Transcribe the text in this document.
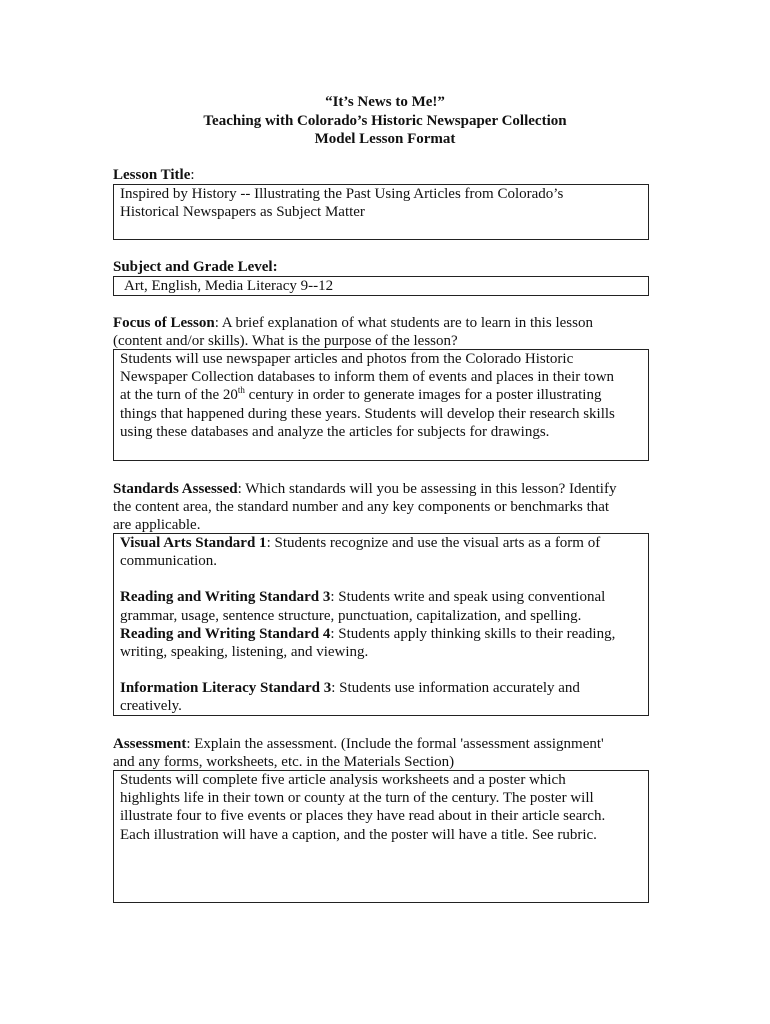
“It’s News to Me!”
Teaching with Colorado’s Historic Newspaper Collection
Model Lesson Format
Lesson Title:

Inspired by History -- Illustrating the Past Using Articles from Colorado’s

Historical Newspapers as Subject Matter

Subject and Grade Level:

Art, English, Media Literacy 9--12

Focus of Lesson: A brief explanation of what students are to learn in this lesson
(content and/or skills). What is the purpose of the lesson?

Students will use newspaper articles and photos from the Colorado Historic

Newspaper Collection databases to inform them of events and places in their town

at the turn of the 20th century in order to generate images for a poster illustrating

things that happened during these years. Students will develop their research skills

using these databases and analyze the articles for subjects for drawings.

Standards Assessed: Which standards will you be assessing in this lesson? Identify
the content area, the standard number and any key components or benchmarks that
are applicable.

Visual Arts Standard 1: Students recognize and use the visual arts as a form of

communication.

Reading and Writing Standard 3: Students write and speak using conventional

grammar, usage, sentence structure, punctuation, capitalization, and spelling.

Reading and Writing Standard 4: Students apply thinking skills to their reading,

writing, speaking, listening, and viewing.

Information Literacy Standard 3: Students use information accurately and

creatively.

Assessment: Explain the assessment. (Include the formal 'assessment assignment'
and any forms, worksheets, etc. in the Materials Section)

Students will complete five article analysis worksheets and a poster which

highlights life in their town or county at the turn of the century. The poster will

illustrate four to five events or places they have read about in their article search.

Each illustration will have a caption, and the poster will have a title. See rubric.
